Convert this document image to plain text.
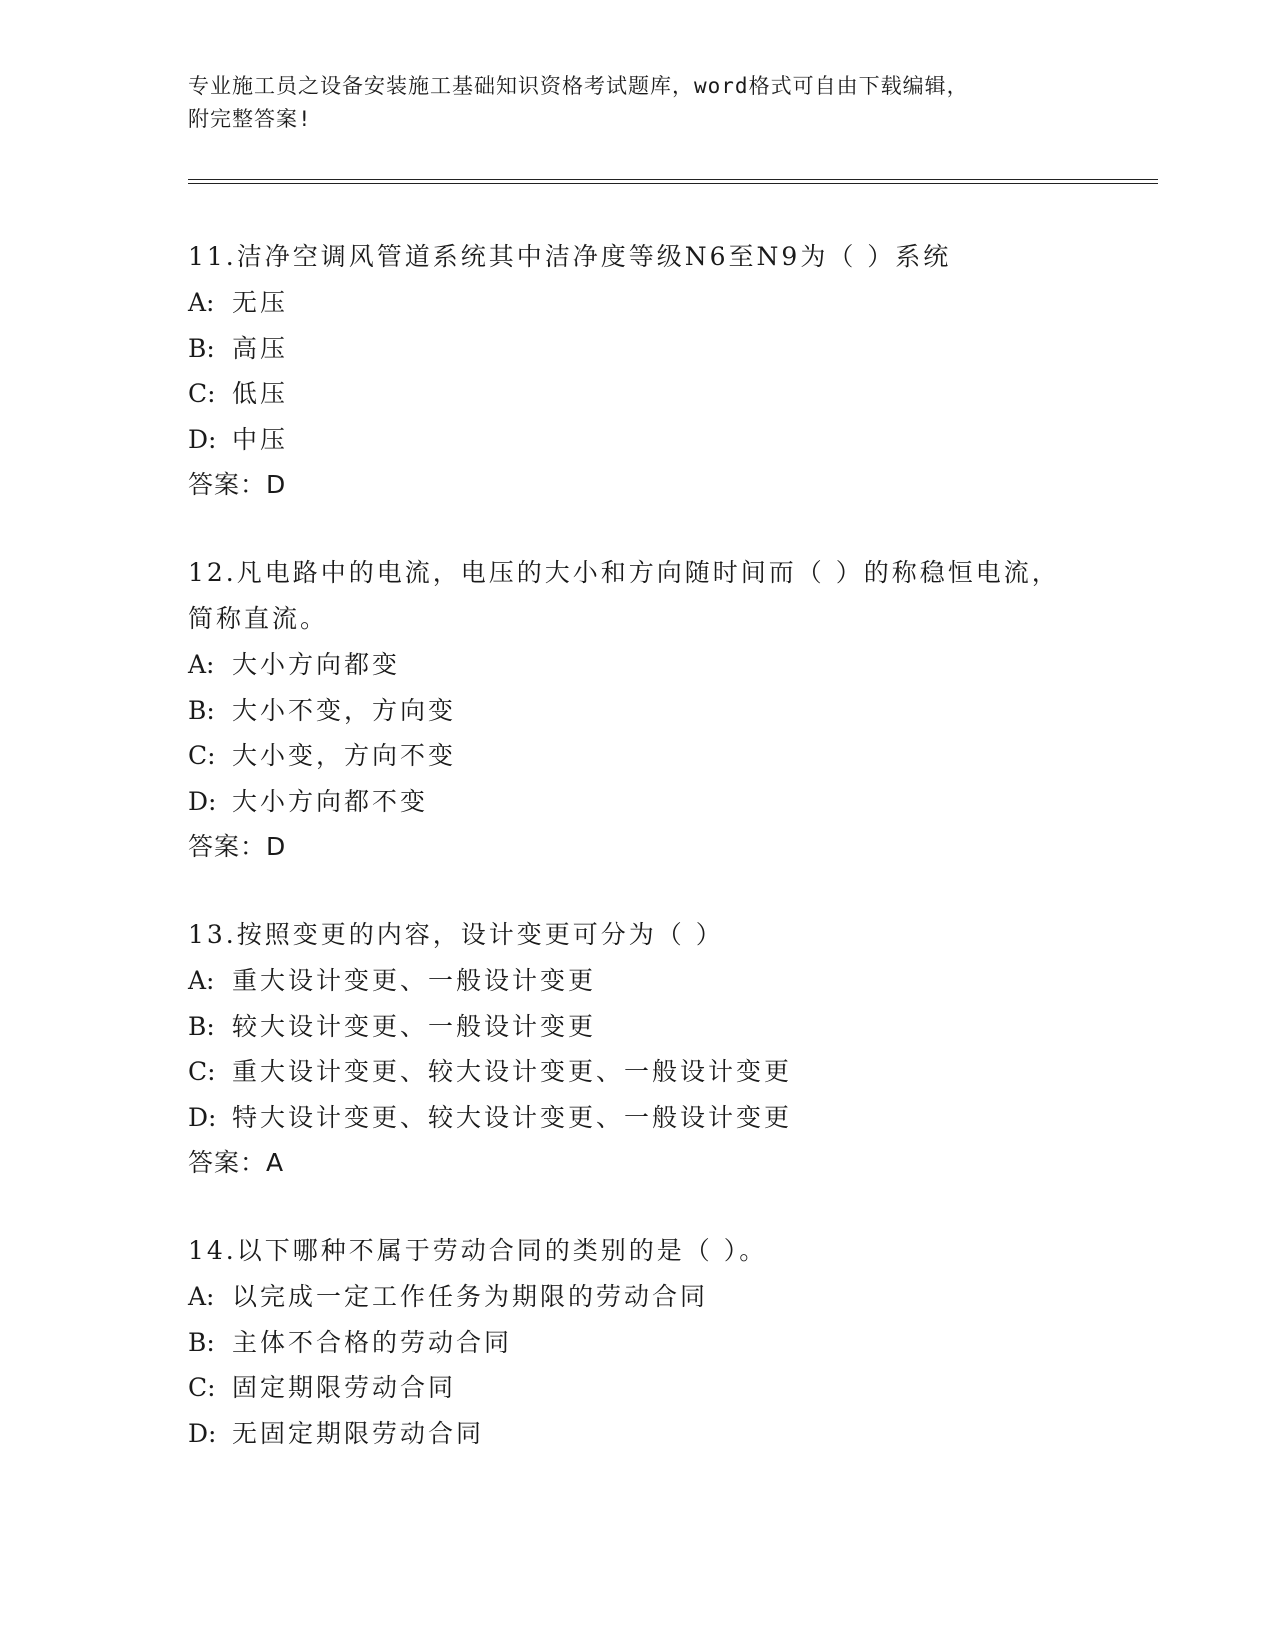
专业施工员之设备安装施工基础知识资格考试题库，word格式可自由下载编辑，
附完整答案!
11.洁净空调风管道系统其中洁净度等级N6至N9为（ ）系统
A: 无压
B: 高压
C: 低压
D: 中压
答案：D
12.凡电路中的电流，电压的大小和方向随时间而（ ）的称稳恒电流，简称直流。
A: 大小方向都变
B: 大小不变，方向变
C: 大小变，方向不变
D: 大小方向都不变
答案：D
13.按照变更的内容，设计变更可分为（ ）
A: 重大设计变更、一般设计变更
B: 较大设计变更、一般设计变更
C: 重大设计变更、较大设计变更、一般设计变更
D: 特大设计变更、较大设计变更、一般设计变更
答案：A
14.以下哪种不属于劳动合同的类别的是（ ）。
A: 以完成一定工作任务为期限的劳动合同
B: 主体不合格的劳动合同
C: 固定期限劳动合同
D: 无固定期限劳动合同
